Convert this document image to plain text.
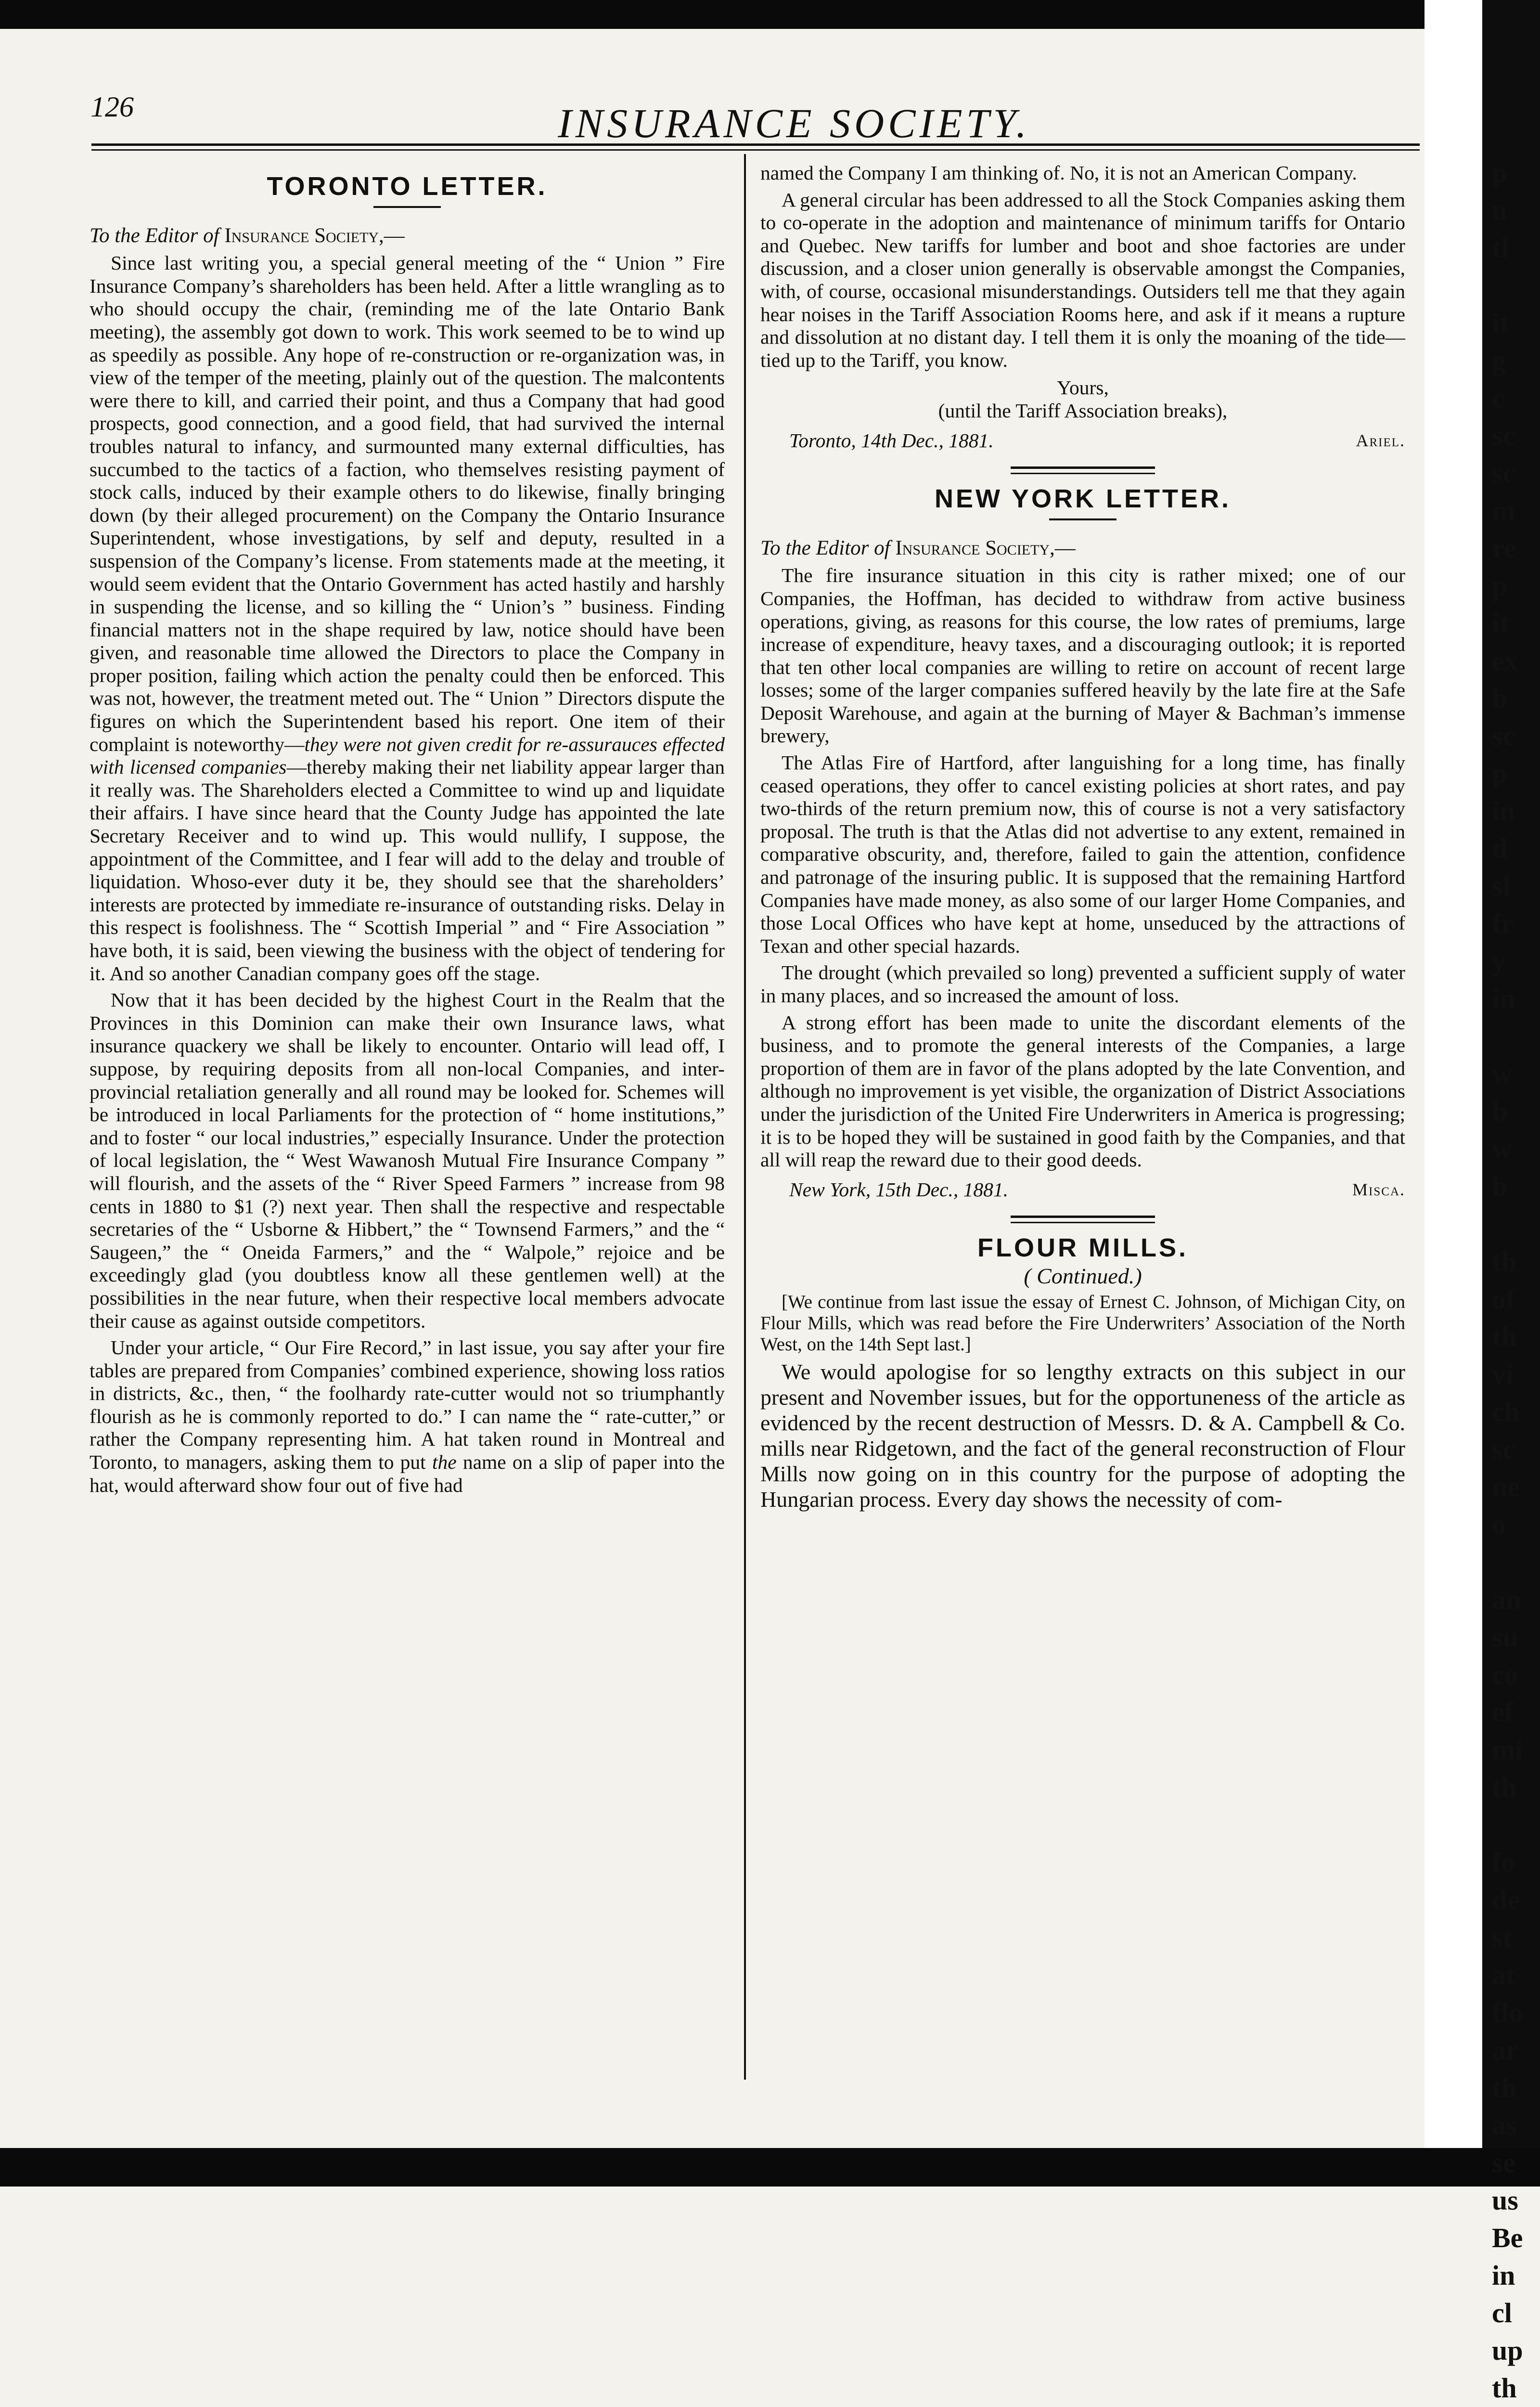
p
u
tl

it
g
c
sc
sc
m
re
p
it
ex
b
sc
p
in
d
sl
fr
y
in

w
b
w
b

th
of
th
vi
ch
sc
ne
o

an
su
co
ef
mi
th

fo
de
st
at
flo
ar
th
as
se
us
Be
in
cl
up
th

126	INSURANCE SOCIETY.
TORONTO LETTER.
To the Editor of Insurance Society,—

Since last writing you, a special general meeting of the “ Union ” Fire Insurance Company’s shareholders has been held. After a little wrangling as to who should occupy the chair, (reminding me of the late Ontario Bank meeting), the assembly got down to work. This work seemed to be to wind up as speedily as possible. Any hope of re-construction or re-organization was, in view of the temper of the meeting, plainly out of the question. The malcontents were there to kill, and carried their point, and thus a Company that had good prospects, good connection, and a good field, that had survived the internal troubles natural to infancy, and surmounted many external difficulties, has succumbed to the tactics of a faction, who themselves resisting payment of stock calls, induced by their example others to do likewise, finally bringing down (by their alleged procurement) on the Company the Ontario Insurance Superintendent, whose investigations, by self and deputy, resulted in a suspension of the Company’s license. From statements made at the meeting, it would seem evident that the Ontario Government has acted hastily and harshly in suspending the license, and so killing the “ Union’s ” business. Finding financial matters not in the shape required by law, notice should have been given, and reasonable time allowed the Directors to place the Company in proper position, failing which action the penalty could then be enforced. This was not, however, the treatment meted out. The “ Union ” Directors dispute the figures on which the Superintendent based his report. One item of their complaint is noteworthy—they were not given credit for re-assurauces effected with licensed companies—thereby making their net liability appear larger than it really was. The Shareholders elected a Committee to wind up and liquidate their affairs. I have since heard that the County Judge has appointed the late Secretary Receiver and to wind up. This would nullify, I suppose, the appointment of the Committee, and I fear will add to the delay and trouble of liquidation. Whoso-ever duty it be, they should see that the shareholders’ interests are protected by immediate re-insurance of outstanding risks. Delay in this respect is foolishness. The “ Scottish Imperial ” and “ Fire Association ” have both, it is said, been viewing the business with the object of tendering for it. And so another Canadian company goes off the stage.

Now that it has been decided by the highest Court in the Realm that the Provinces in this Dominion can make their own Insurance laws, what insurance quackery we shall be likely to encounter. Ontario will lead off, I suppose, by requiring deposits from all non-local Companies, and inter-provincial retaliation generally and all round may be looked for. Schemes will be introduced in local Parliaments for the protection of “ home institutions,” and to foster “ our local industries,” especially Insurance. Under the protection of local legislation, the “ West Wawanosh Mutual Fire Insurance Company ” will flourish, and the assets of the “ River Speed Farmers ” increase from 98 cents in 1880 to $1 (?) next year. Then shall the respective and respectable secretaries of the “ Usborne & Hibbert,” the “ Townsend Farmers,” and the “ Saugeen,” the “ Oneida Farmers,” and the “ Walpole,” rejoice and be exceedingly glad (you doubtless know all these gentlemen well) at the possibilities in the near future, when their respective local members advocate their cause as against outside competitors.

Under your article, “ Our Fire Record,” in last issue, you say after your fire tables are prepared from Companies’ combined experience, showing loss ratios in districts, &c., then, “ the foolhardy rate-cutter would not so triumphantly flourish as he is commonly reported to do.” I can name the “ rate-cutter,” or rather the Company representing him. A hat taken round in Montreal and Toronto, to managers, asking them to put the name on a slip of paper into the hat, would afterward show four out of five had

named the Company I am thinking of. No, it is not an American Company.

A general circular has been addressed to all the Stock Companies asking them to co-operate in the adoption and maintenance of minimum tariffs for Ontario and Quebec. New tariffs for lumber and boot and shoe factories are under discussion, and a closer union generally is observable amongst the Companies, with, of course, occasional misunderstandings. Outsiders tell me that they again hear noises in the Tariff Association Rooms here, and ask if it means a rupture and dissolution at no distant day. I tell them it is only the moaning of the tide—tied up to the Tariff, you know.

Yours,
(until the Tariff Association breaks),
Toronto, 14th Dec., 1881.	Ariel.
NEW YORK LETTER.
To the Editor of Insurance Society,—

The fire insurance situation in this city is rather mixed; one of our Companies, the Hoffman, has decided to withdraw from active business operations, giving, as reasons for this course, the low rates of premiums, large increase of expenditure, heavy taxes, and a discouraging outlook; it is reported that ten other local companies are willing to retire on account of recent large losses; some of the larger companies suffered heavily by the late fire at the Safe Deposit Warehouse, and again at the burning of Mayer & Bachman’s immense brewery,

The Atlas Fire of Hartford, after languishing for a long time, has finally ceased operations, they offer to cancel existing policies at short rates, and pay two-thirds of the return premium now, this of course is not a very satisfactory proposal. The truth is that the Atlas did not advertise to any extent, remained in comparative obscurity, and, therefore, failed to gain the attention, confidence and patronage of the insuring public. It is supposed that the remaining Hartford Companies have made money, as also some of our larger Home Companies, and those Local Offices who have kept at home, unseduced by the attractions of Texan and other special hazards.

The drought (which prevailed so long) prevented a sufficient supply of water in many places, and so increased the amount of loss.

A strong effort has been made to unite the discordant elements of the business, and to promote the general interests of the Companies, a large proportion of them are in favor of the plans adopted by the late Convention, and although no improvement is yet visible, the organization of District Associations under the jurisdiction of the United Fire Underwriters in America is progressing; it is to be hoped they will be sustained in good faith by the Companies, and that all will reap the reward due to their good deeds.

New York, 15th Dec., 1881.	Misca.
FLOUR MILLS.
( Continued.)

[We continue from last issue the essay of Ernest C. Johnson, of Michigan City, on Flour Mills, which was read before the Fire Underwriters’ Association of the North West, on the 14th Sept last.]

We would apologise for so lengthy extracts on this subject in our present and November issues, but for the opportuneness of the article as evidenced by the recent destruction of Messrs. D. & A. Campbell & Co. mills near Ridgetown, and the fact of the general reconstruction of Flour Mills now going on in this country for the purpose of adopting the Hungarian process. Every day shows the necessity of com-
